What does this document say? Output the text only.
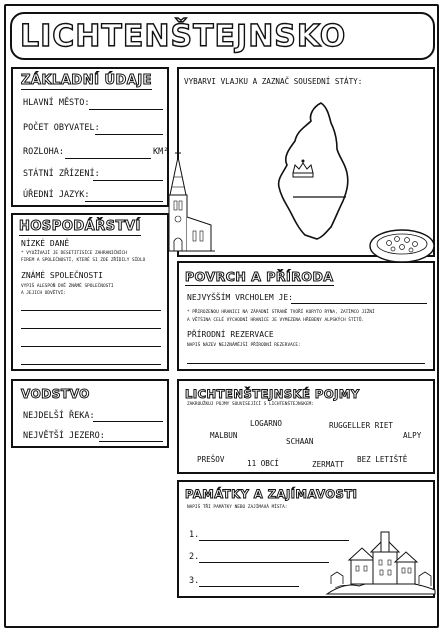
LICHTENŠTEJNSKO
ZÁKLADNÍ ÚDAJE
HLAVNÍ MĚSTO:
POČET OBYVATEL:
ROZLOHA:	KM²
STÁTNÍ ZŘÍZENÍ:
ÚŘEDNÍ JAZYK:
VYBARVI VLAJKU A ZAZNAČ SOUSEDNÍ STÁTY:
HOSPODÁŘSTVÍ
NÍZKÉ DANĚ
* VYUŽÍVAJÍ JE DESETITISÍCE ZAHRANIČNÍCH
FIREM A SPOLEČNOSTÍ, KTERÉ SI ZDE ZŘÍDILY SÍDLO
ZNÁMÉ SPOLEČNOSTI
VYPIŠ ALESPOŇ DVĚ ZNÁMÉ SPOLEČNOSTI
A JEJICH ODVĚTVÍ:
POVRCH A PŘÍRODA
NEJVYŠŠÍM VRCHOLEM JE:
* PŘIROZENOU HRANICI NA ZÁPADNÍ STRANĚ TVOŘÍ KORYTO RÝNA, ZATÍMCO JIŽNÍ
A VĚTŠINA CELÉ VÝCHODNÍ HRANICE JE VYMEZENA HŘEBENY ALPSKÝCH ŠTÍTŮ.
PŘÍRODNÍ REZERVACE
NAPIŠ NÁZEV NEJZNÁMĚJŠÍ PŘÍRODNÍ REZERVACE:
VODSTVO
NEJDELŠÍ ŘEKA:
NEJVĚTŠÍ JEZERO:
LICHTENŠTEJNSKÉ POJMY
ZAKROUŽKUJ POJMY SOUVISEJÍCÍ S LICHTENŠTEJNSKEM:
LOGARNO	RUGGELLER RIET
MALBUN	ALPY
SCHAAN
PREŠOV	11 OBCÍ	BEZ LETIŠTĚ
ZERMATT
PAMÁTKY A ZAJÍMAVOSTI
NAPIŠ TŘI PAMÁTKY NEBO ZAJÍMAVÁ MÍSTA:
1.
2.
3.
